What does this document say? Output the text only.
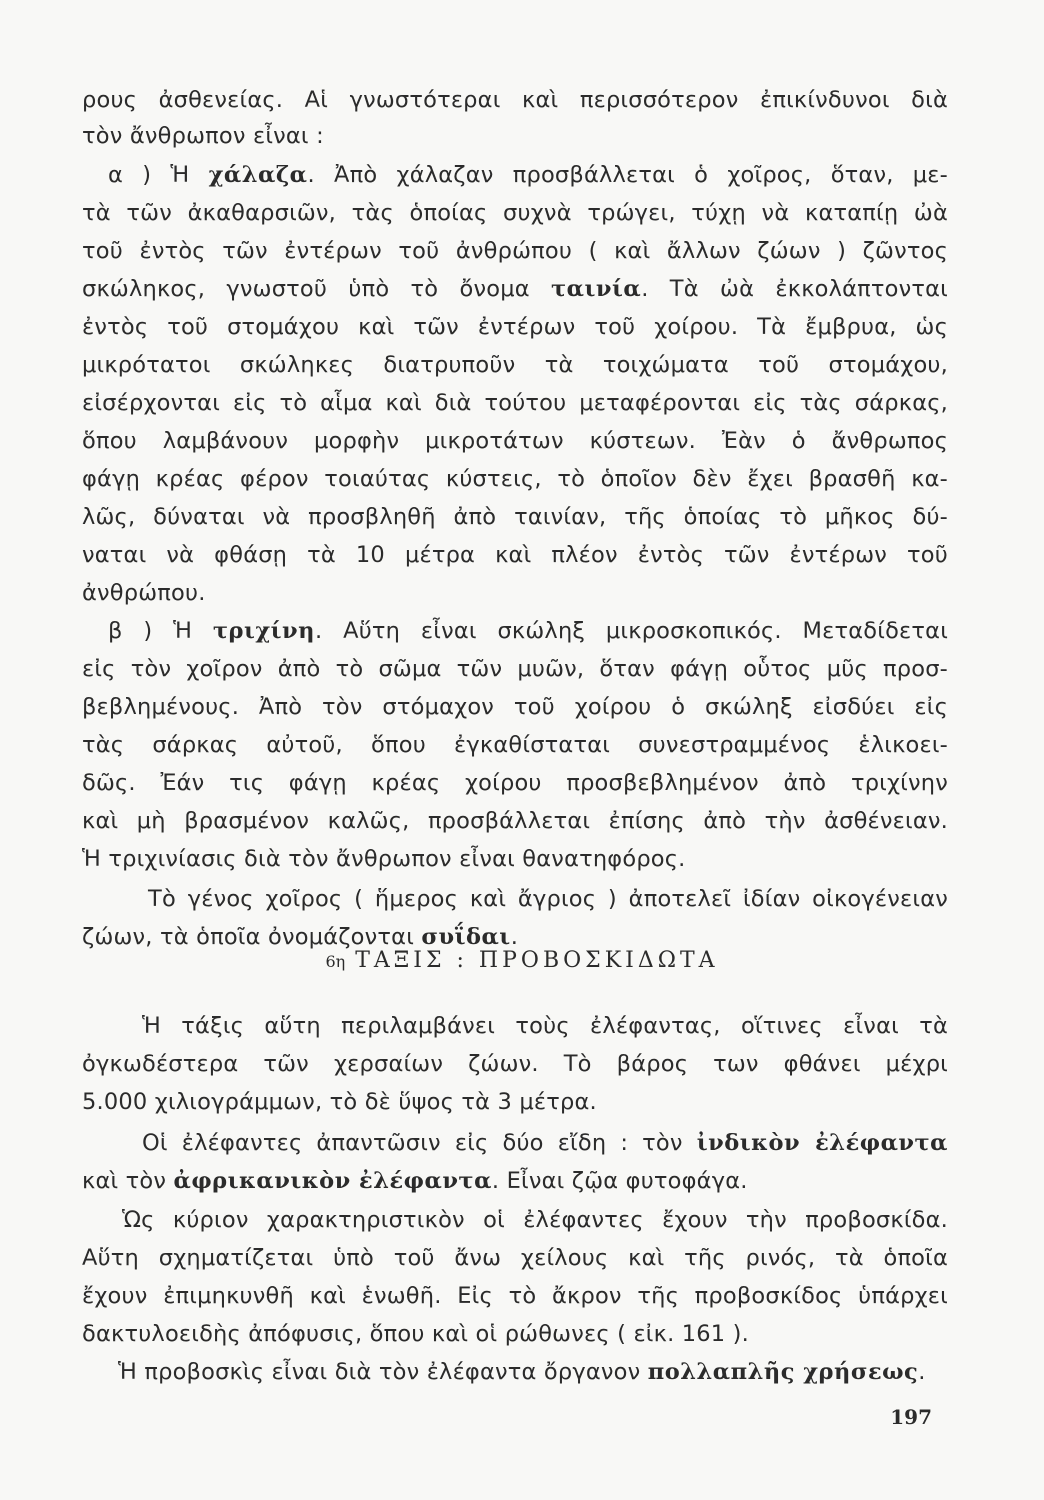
ρους ἀσθενείας. Αἱ γνωστότεραι καὶ περισσότερον ἐπικίνδυνοι διὰ
τὸν ἄνθρωπον εἶναι :
α ) Ἡ χάλαζα. Ἀπὸ χάλαζαν προσβάλλεται ὁ χοῖρος, ὅταν, με-
τὰ τῶν ἀκαθαρσιῶν, τὰς ὁποίας συχνὰ τρώγει, τύχῃ νὰ καταπίῃ ὠὰ
τοῦ ἐντὸς τῶν ἐντέρων τοῦ ἀνθρώπου ( καὶ ἄλλων ζώων ) ζῶντος
σκώληκος, γνωστοῦ ὑπὸ τὸ ὄνομα ταινία. Τὰ ὠὰ ἐκκολάπτονται
ἐντὸς τοῦ στομάχου καὶ τῶν ἐντέρων τοῦ χοίρου. Τὰ ἔμβρυα, ὡς
μικρότατοι σκώληκες διατρυποῦν τὰ τοιχώματα τοῦ στομάχου,
εἰσέρχονται εἰς τὸ αἷμα καὶ διὰ τούτου μεταφέρονται εἰς τὰς σάρκας,
ὅπου λαμβάνουν μορφὴν μικροτάτων κύστεων. Ἐὰν ὁ ἄνθρωπος
φάγῃ κρέας φέρον τοιαύτας κύστεις, τὸ ὁποῖον δὲν ἔχει βρασθῆ κα-
λῶς, δύναται νὰ προσβληθῆ ἀπὸ ταινίαν, τῆς ὁποίας τὸ μῆκος δύ-
ναται νὰ φθάσῃ τὰ 10 μέτρα καὶ πλέον ἐντὸς τῶν ἐντέρων τοῦ
ἀνθρώπου.
β ) Ἡ τριχίνη. Αὕτη εἶναι σκώληξ μικροσκοπικός. Μεταδίδεται
εἰς τὸν χοῖρον ἀπὸ τὸ σῶμα τῶν μυῶν, ὅταν φάγῃ οὗτος μῦς προσ-
βεβλημένους. Ἀπὸ τὸν στόμαχον τοῦ χοίρου ὁ σκώληξ εἰσδύει εἰς
τὰς σάρκας αὐτοῦ, ὅπου ἐγκαθίσταται συνεστραμμένος ἑλικοει-
δῶς. Ἐάν τις φάγῃ κρέας χοίρου προσβεβλημένον ἀπὸ τριχίνην
καὶ μὴ βρασμένον καλῶς, προσβάλλεται ἐπίσης ἀπὸ τὴν ἀσθένειαν.
Ἡ τριχινίασις διὰ τὸν ἄνθρωπον εἶναι θανατηφόρος.
Τὸ γένος χοῖρος ( ἥμερος καὶ ἄγριος ) ἀποτελεῖ ἰδίαν οἰκογένειαν
ζώων, τὰ ὁποῖα ὀνομάζονται συΐδαι.
6η ΤΑΞΙΣ : ΠΡΟΒΟΣΚΙΔΩΤΑ
Ἡ τάξις αὕτη περιλαμβάνει τοὺς ἐλέφαντας, οἵτινες εἶναι τὰ
ὀγκωδέστερα τῶν χερσαίων ζώων. Τὸ βάρος των φθάνει μέχρι
5.000 χιλιογράμμων, τὸ δὲ ὕψος τὰ 3 μέτρα.
Οἱ ἐλέφαντες ἀπαντῶσιν εἰς δύο εἴδη : τὸν ἰνδικὸν ἐλέφαντα
καὶ τὸν ἀφρικανικὸν ἐλέφαντα. Εἶναι ζῷα φυτοφάγα.
Ὡς κύριον χαρακτηριστικὸν οἱ ἐλέφαντες ἔχουν τὴν προβοσκίδα.
Αὕτη σχηματίζεται ὑπὸ τοῦ ἄνω χείλους καὶ τῆς ρινός, τὰ ὁποῖα
ἔχουν ἐπιμηκυνθῆ καὶ ἑνωθῆ. Εἰς τὸ ἄκρον τῆς προβοσκίδος ὑπάρχει
δακτυλοειδὴς ἀπόφυσις, ὅπου καὶ οἱ ρώθωνες ( εἰκ. 161 ).
Ἡ προβοσκὶς εἶναι διὰ τὸν ἐλέφαντα ὄργανον πολλαπλῆς χρήσεως.
197
